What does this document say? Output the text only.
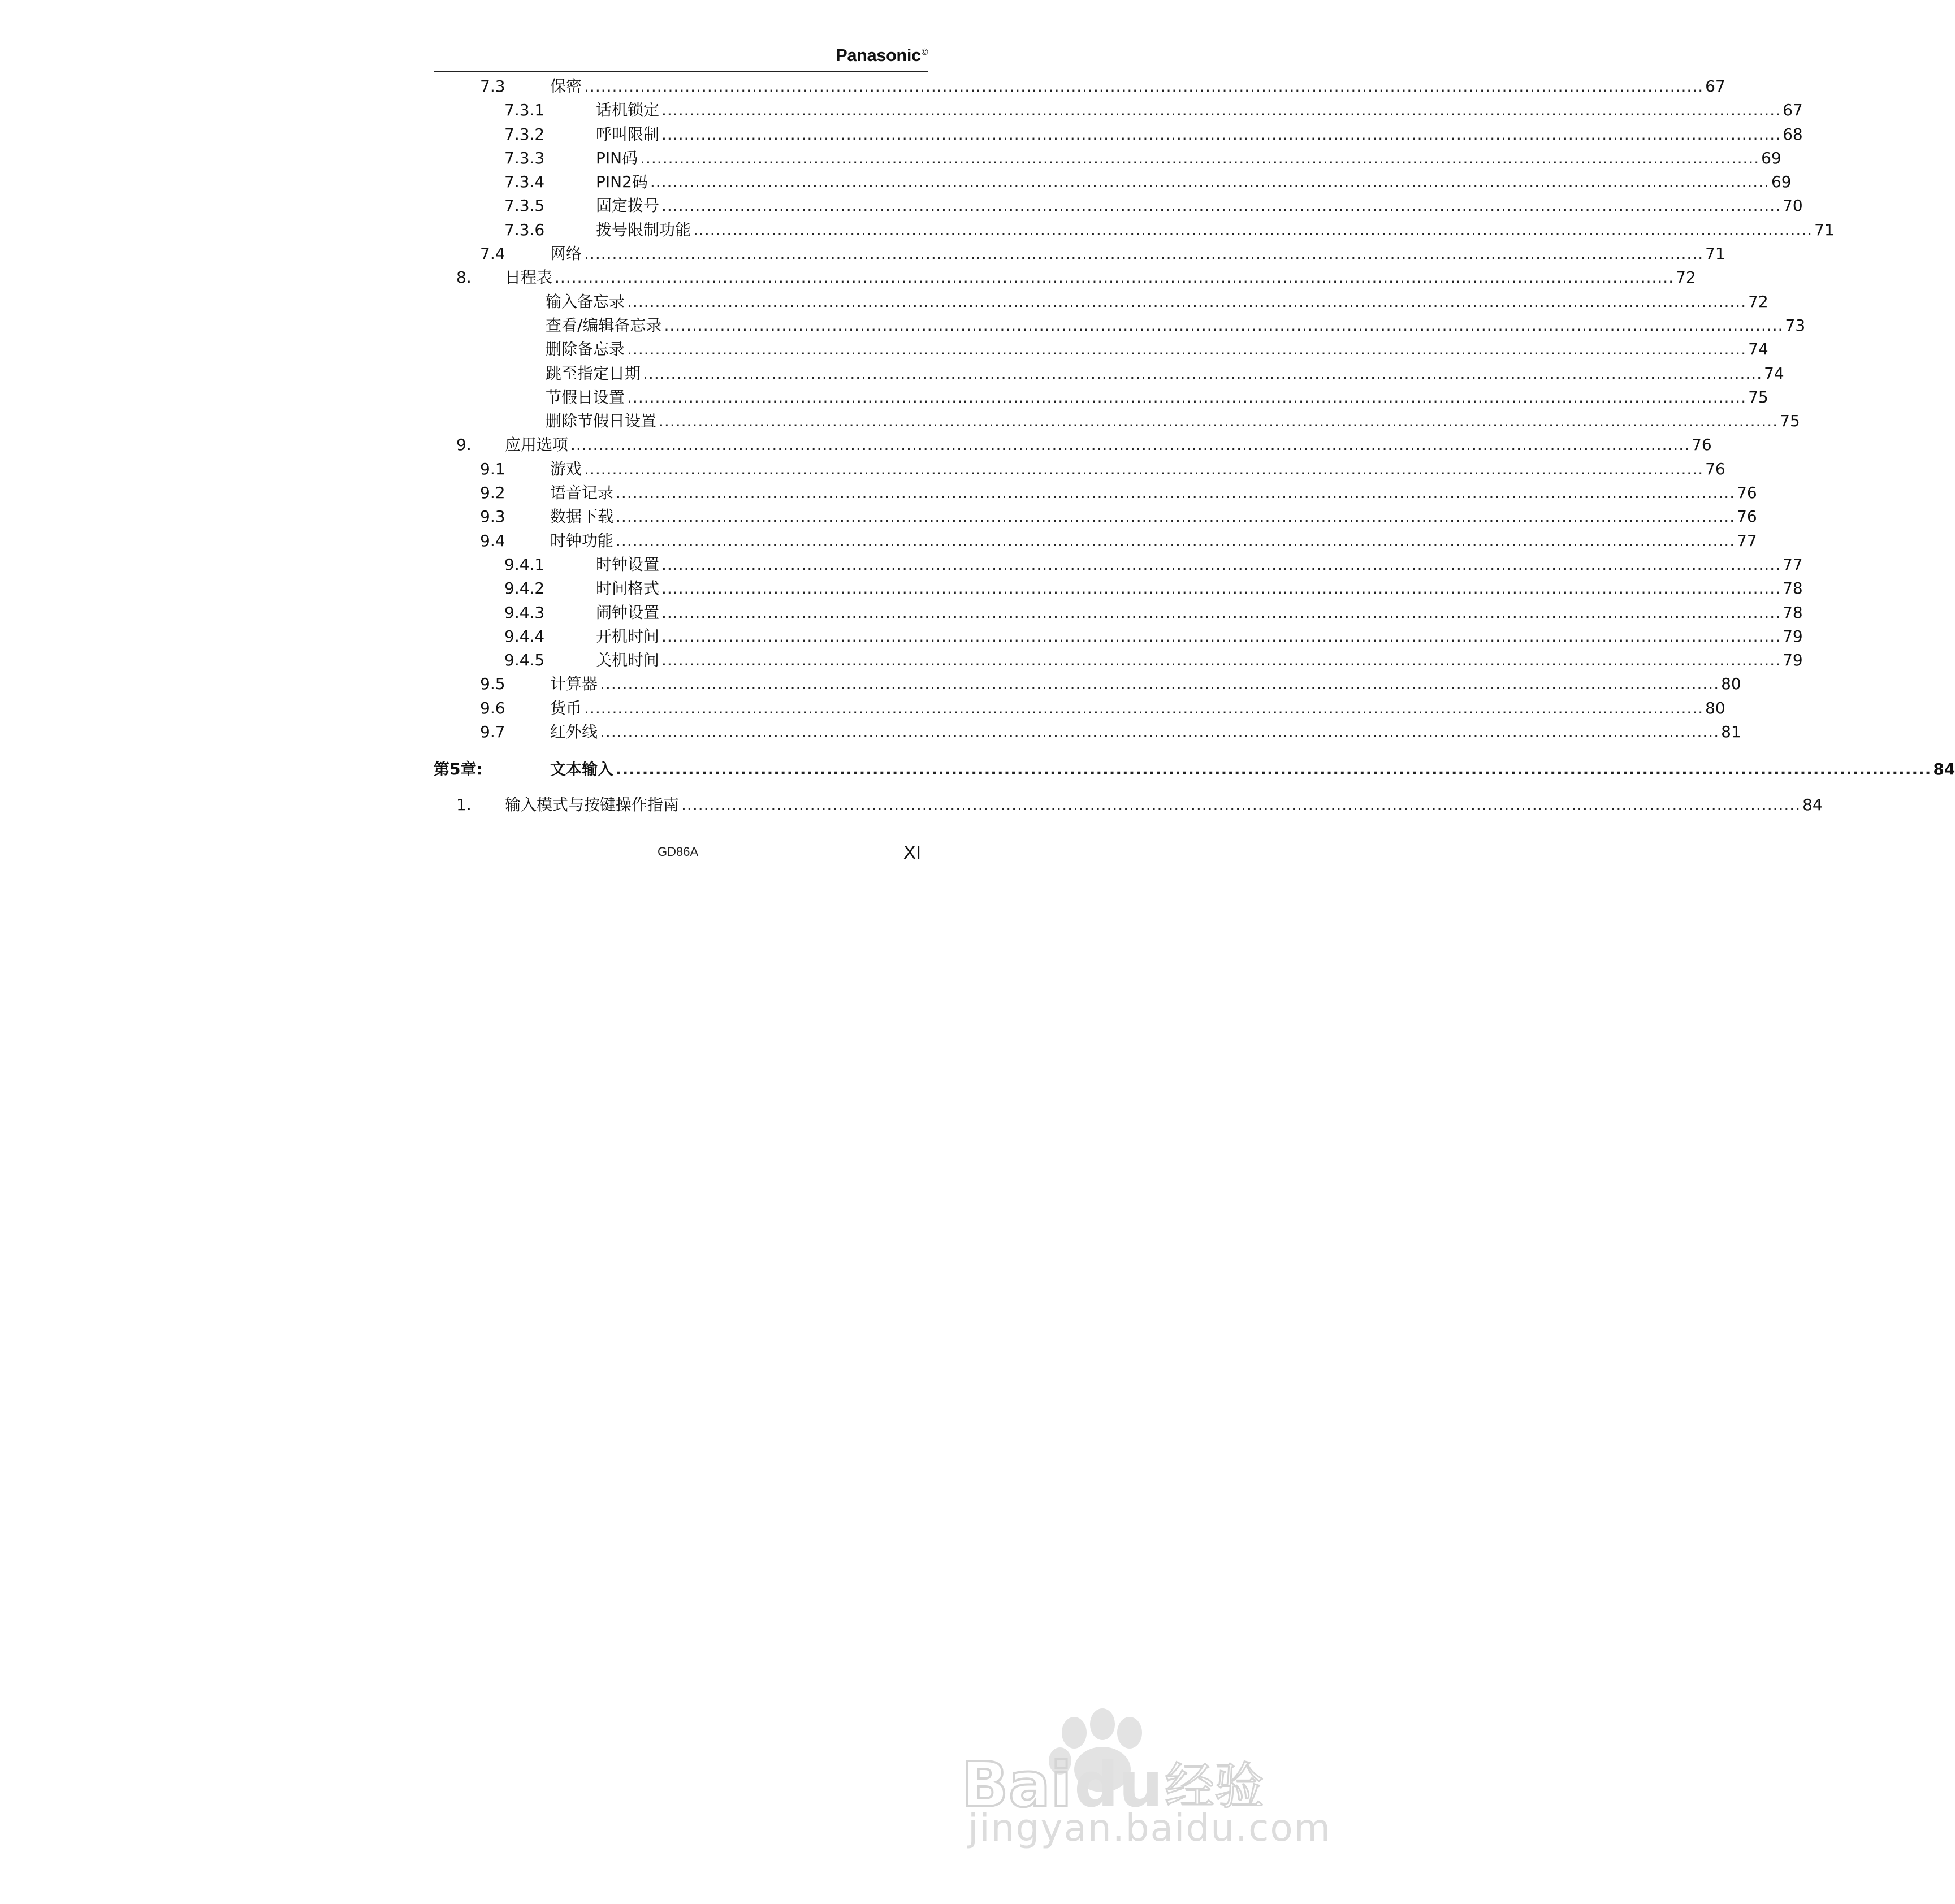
Panasonic©
7.3	保密 ........................................................................................................................................................................................................ 67
7.3.1	话机锁定 ........................................................................................................................................................................................................ 67
7.3.2	呼叫限制 ........................................................................................................................................................................................................ 68
7.3.3	PIN码 ........................................................................................................................................................................................................ 69
7.3.4	PIN2码 ........................................................................................................................................................................................................ 69
7.3.5	固定拨号 ........................................................................................................................................................................................................ 70
7.3.6	拨号限制功能 ........................................................................................................................................................................................................ 71
7.4	网络 ........................................................................................................................................................................................................ 71
8. 日程表 ........................................................................................................................................................................................................ 72
输入备忘录 ........................................................................................................................................................................................................ 72
查看/编辑备忘录 ........................................................................................................................................................................................................ 73
删除备忘录 ........................................................................................................................................................................................................ 74
跳至指定日期 ........................................................................................................................................................................................................ 74
节假日设置 ........................................................................................................................................................................................................ 75
删除节假日设置 ........................................................................................................................................................................................................ 75
9. 应用选项 ........................................................................................................................................................................................................ 76
9.1	游戏 ........................................................................................................................................................................................................ 76
9.2	语音记录 ........................................................................................................................................................................................................ 76
9.3	数据下载 ........................................................................................................................................................................................................ 76
9.4	时钟功能 ........................................................................................................................................................................................................ 77
9.4.1	时钟设置 ........................................................................................................................................................................................................ 77
9.4.2	时间格式 ........................................................................................................................................................................................................ 78
9.4.3	闹钟设置 ........................................................................................................................................................................................................ 78
9.4.4	开机时间 ........................................................................................................................................................................................................ 79
9.4.5	关机时间 ........................................................................................................................................................................................................ 79
9.5	计算器 ........................................................................................................................................................................................................ 80
9.6	货币 ........................................................................................................................................................................................................ 80
9.7	红外线 ........................................................................................................................................................................................................ 81
第5章:	文本输入 ........................................................................................................................................................................................................ 84
1. 输入模式与按键操作指南 ........................................................................................................................................................................................................ 84
GD86A	XI
Bai du 经验
jingyan.baidu.com
